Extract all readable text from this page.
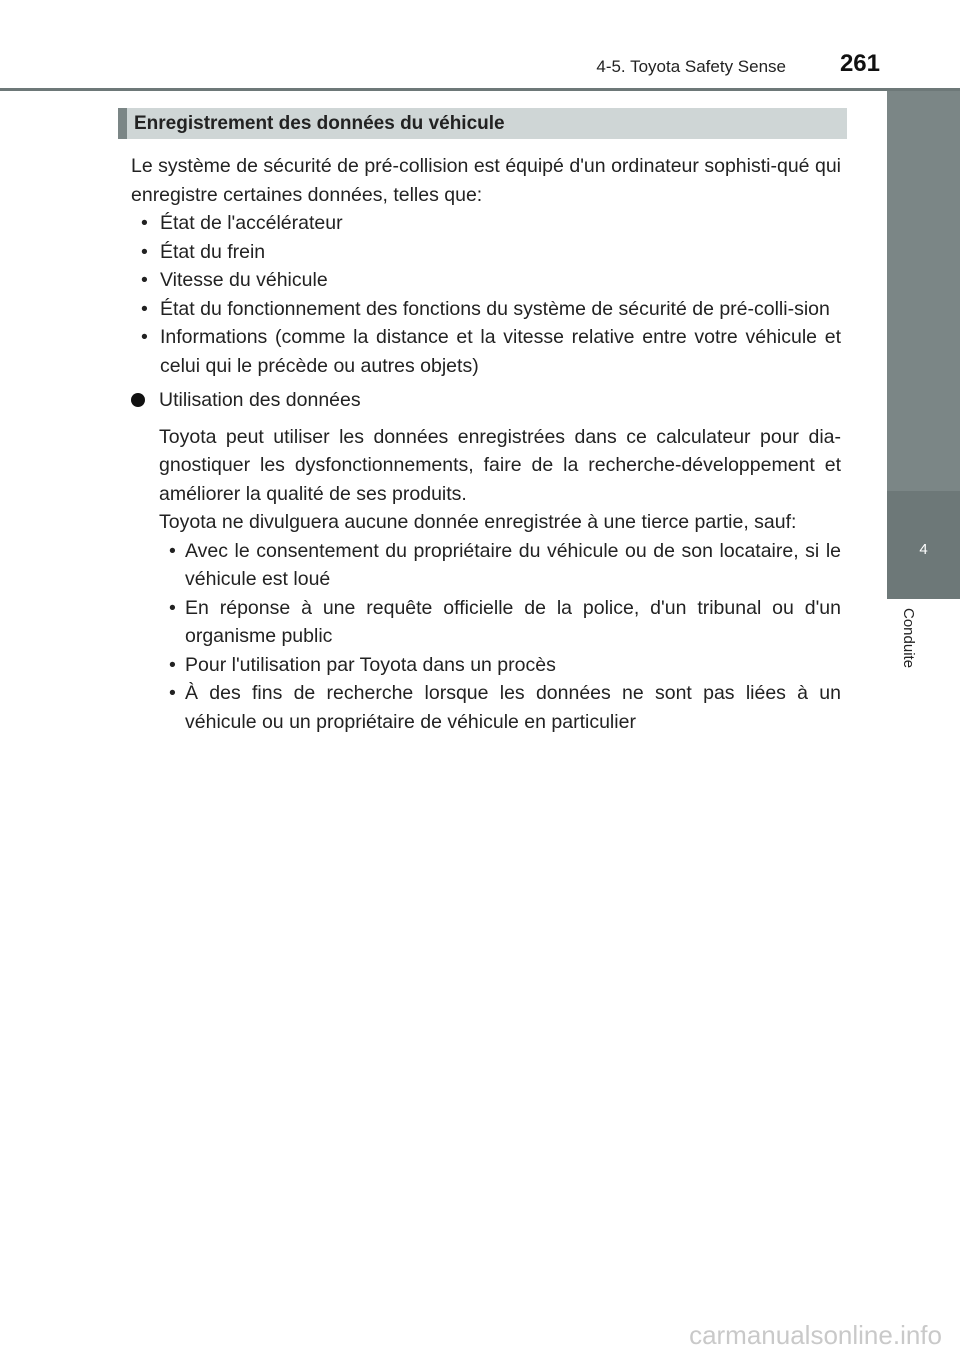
4-5. Toyota Safety Sense	261
4
Conduite
Enregistrement des données du véhicule

Le système de sécurité de pré-collision est équipé d'un ordinateur sophisti-qué qui enregistre certaines données, telles que:

• État de l'accélérateur
• État du frein
• Vitesse du véhicule
• État du fonctionnement des fonctions du système de sécurité de pré-colli-sion
• Informations (comme la distance et la vitesse relative entre votre véhicule et celui qui le précède ou autres objets)
Utilisation des données

Toyota peut utiliser les données enregistrées dans ce calculateur pour dia-gnostiquer les dysfonctionnements, faire de la recherche-développement et améliorer la qualité de ses produits.

Toyota ne divulguera aucune donnée enregistrée à une tierce partie, sauf:

• Avec le consentement du propriétaire du véhicule ou de son locataire, si le véhicule est loué
• En réponse à une requête officielle de la police, d'un tribunal ou d'un organisme public
• Pour l'utilisation par Toyota dans un procès
• À des fins de recherche lorsque les données ne sont pas liées à un véhicule ou un propriétaire de véhicule en particulier
carmanualsonline.info
